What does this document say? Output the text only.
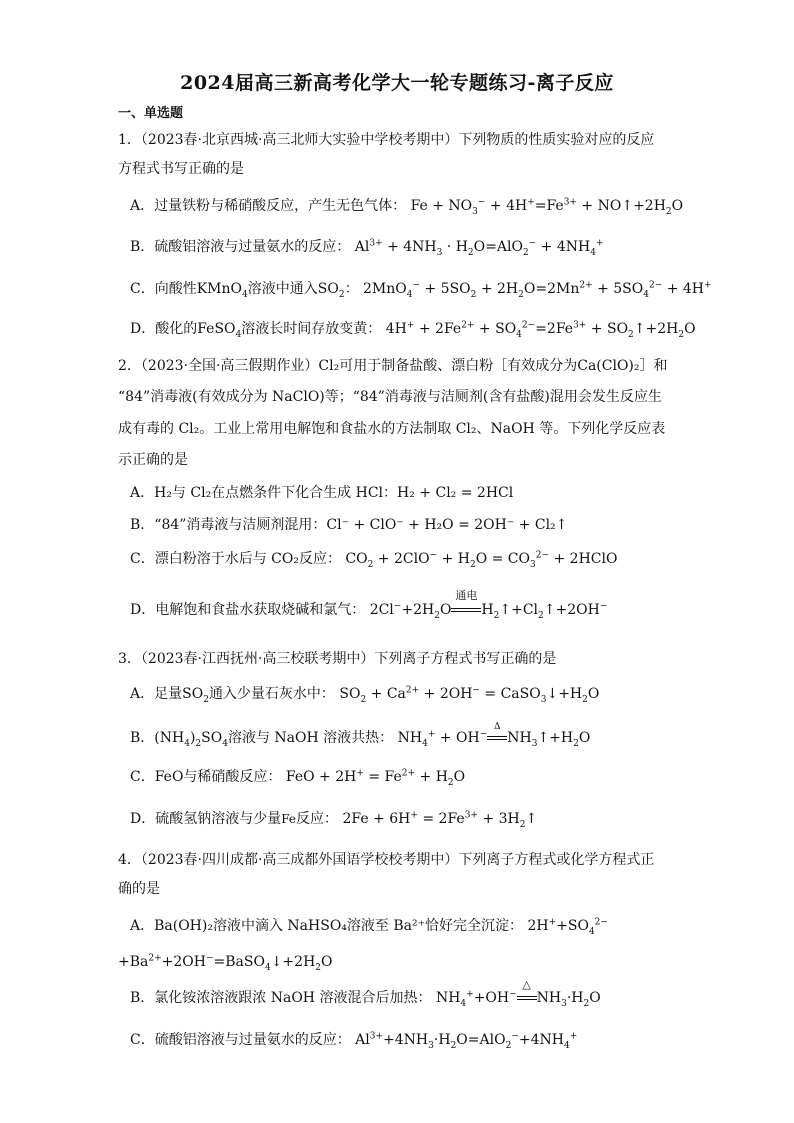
2024届高三新高考化学大一轮专题练习-离子反应
一、单选题
1．（2023春·北京西城·高三北师大实验中学校考期中）下列物质的性质实验对应的反应
方程式书写正确的是
A．过量铁粉与稀硝酸反应，产生无色气体： $Fe + NO_3^- + 4H^+=Fe^{3+}$ + $NO↑+2H_2O$
B．硫酸铝溶液与过量氨水的反应： $Al^{3+} + 4NH_3 \cdot H_2O=AlO_2^- + 4NH_4^+$
C．向酸性KMnO$_4$溶液中通入$SO_2$： $2MnO_4^- + 5SO_2 + 2H_2O=2Mn^{2+} + 5SO_4^{2-} + 4H^+$
D．酸化的FeSO$_4$溶液长时间存放变黄： $4H^+ + 2Fe^{2+} + SO_4^{2-}=2Fe^{3+}$ + $SO_2↑+2H_2O$
2．（2023·全国·高三假期作业）Cl₂可用于制备盐酸、漂白粉［有效成分为Ca(ClO)₂］和
“84”消毒液(有效成分为 NaClO)等；“84”消毒液与洁厕剂(含有盐酸)混用会发生反应生
成有毒的 Cl₂。工业上常用电解饱和食盐水的方法制取 Cl₂、NaOH 等。下列化学反应表
示正确的是
A．H₂与 Cl₂在点燃条件下化合生成 HCl：H₂ + Cl₂ = 2HCl
B．“84”消毒液与洁厕剂混用：Cl⁻ + ClO⁻ + H₂O = 2OH⁻ + Cl₂↑
C．漂白粉溶于水后与 CO₂反应： $CO_2 + 2ClO^- + H_2O = CO_3^{2-}$ + 2HClO
D．电解饱和食盐水获取烧碱和氯气： $2Cl^-+2H_2O$
通电
$H_2↑+Cl_2↑+2OH^-$
3．（2023春·江西抚州·高三校联考期中）下列离子方程式书写正确的是
A．足量$SO_2$通入少量石灰水中： $SO_2 + Ca^{2+} + 2OH^-$ = $CaSO_3↓+H_2O$
B．$(NH_4)_2SO_4$溶液与 NaOH 溶液共热： $NH_4^+ + OH^-$
Δ
$NH_3↑+H_2O$
C．FeO与稀硝酸反应： FeO + $2H^+ = Fe^{2+} + H_2O$
D．硫酸氢钠溶液与少量Fe反应： $2Fe + 6H^+ = 2Fe^{3+}$ + $3H_2↑$
4．（2023春·四川成都·高三成都外国语学校校考期中）下列离子方程式或化学方程式正
确的是
A．Ba(OH)₂溶液中滴入 NaHSO₄溶液至 Ba²⁺恰好完全沉淀： $2H^++SO_4^{2-}$
$+Ba^{2+}+2OH^-=BaSO_4↓+2H_2O$
B．氯化铵浓溶液跟浓 NaOH 溶液混合后加热： $NH_4^++OH^-$
△
$NH_3\cdot H_2O$
C．硫酸铝溶液与过量氨水的反应： $Al^{3+}+4NH_3\cdot H_2O=AlO_2^-+4NH_4^+$
